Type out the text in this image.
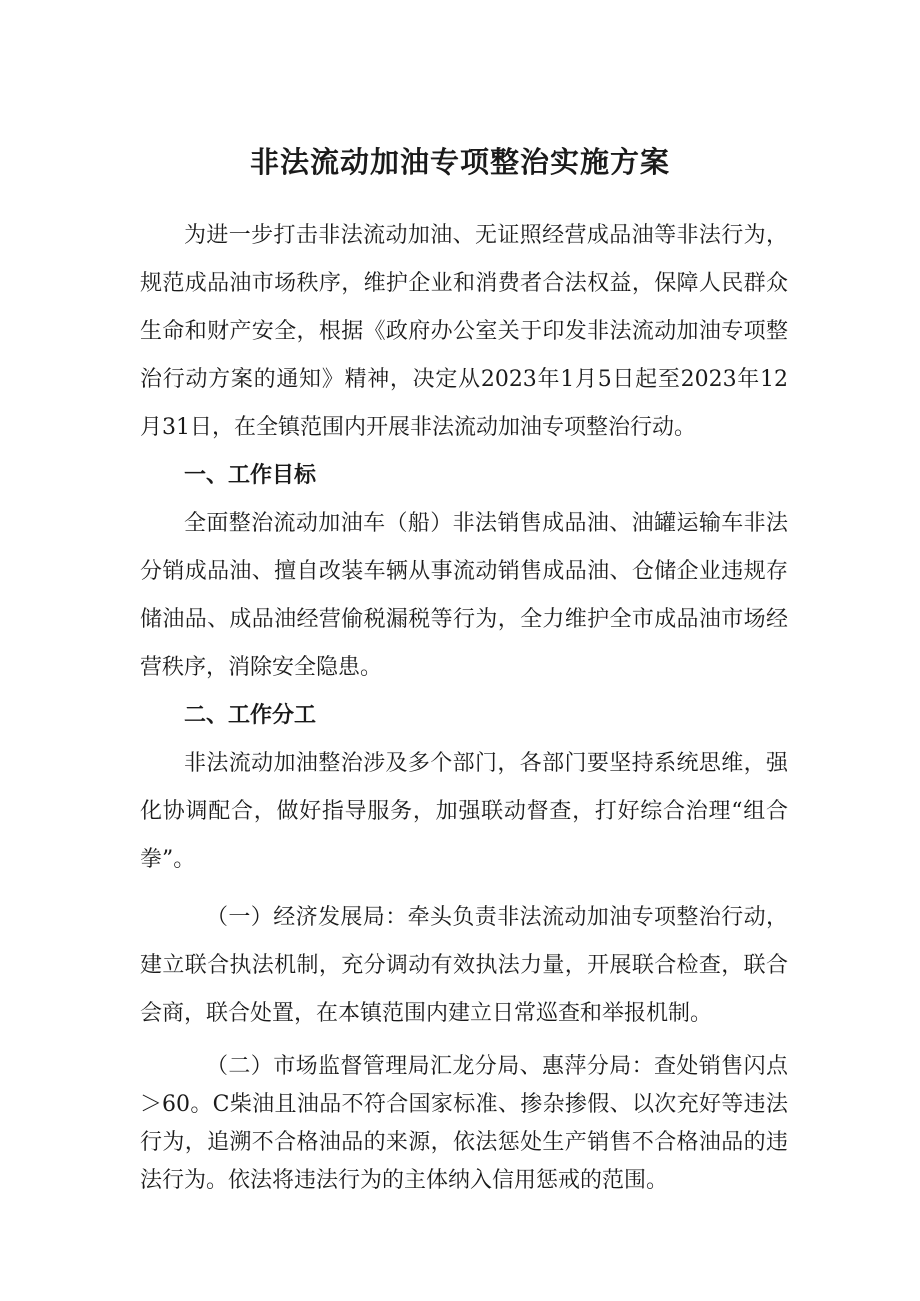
非法流动加油专项整治实施方案

为进一步打击非法流动加油、无证照经营成品油等非法行为，规范成品油市场秩序，维护企业和消费者合法权益，保障人民群众生命和财产安全，根据《政府办公室关于印发非法流动加油专项整治行动方案的通知》精神，决定从2023年1月5日起至2023年12月31日，在全镇范围内开展非法流动加油专项整治行动。

一、工作目标

全面整治流动加油车（船）非法销售成品油、油罐运输车非法分销成品油、擅自改装车辆从事流动销售成品油、仓储企业违规存储油品、成品油经营偷税漏税等行为，全力维护全市成品油市场经营秩序，消除安全隐患。

二、工作分工

非法流动加油整治涉及多个部门，各部门要坚持系统思维，强化协调配合，做好指导服务，加强联动督查，打好综合治理“组合拳”。

（一）经济发展局：牵头负责非法流动加油专项整治行动，建立联合执法机制，充分调动有效执法力量，开展联合检查，联合会商，联合处置，在本镇范围内建立日常巡查和举报机制。

（二）市场监督管理局汇龙分局、惠萍分局：查处销售闪点＞60。C柴油且油品不符合国家标准、掺杂掺假、以次充好等违法行为，追溯不合格油品的来源，依法惩处生产销售不合格油品的违法行为。依法将违法行为的主体纳入信用惩戒的范围。
